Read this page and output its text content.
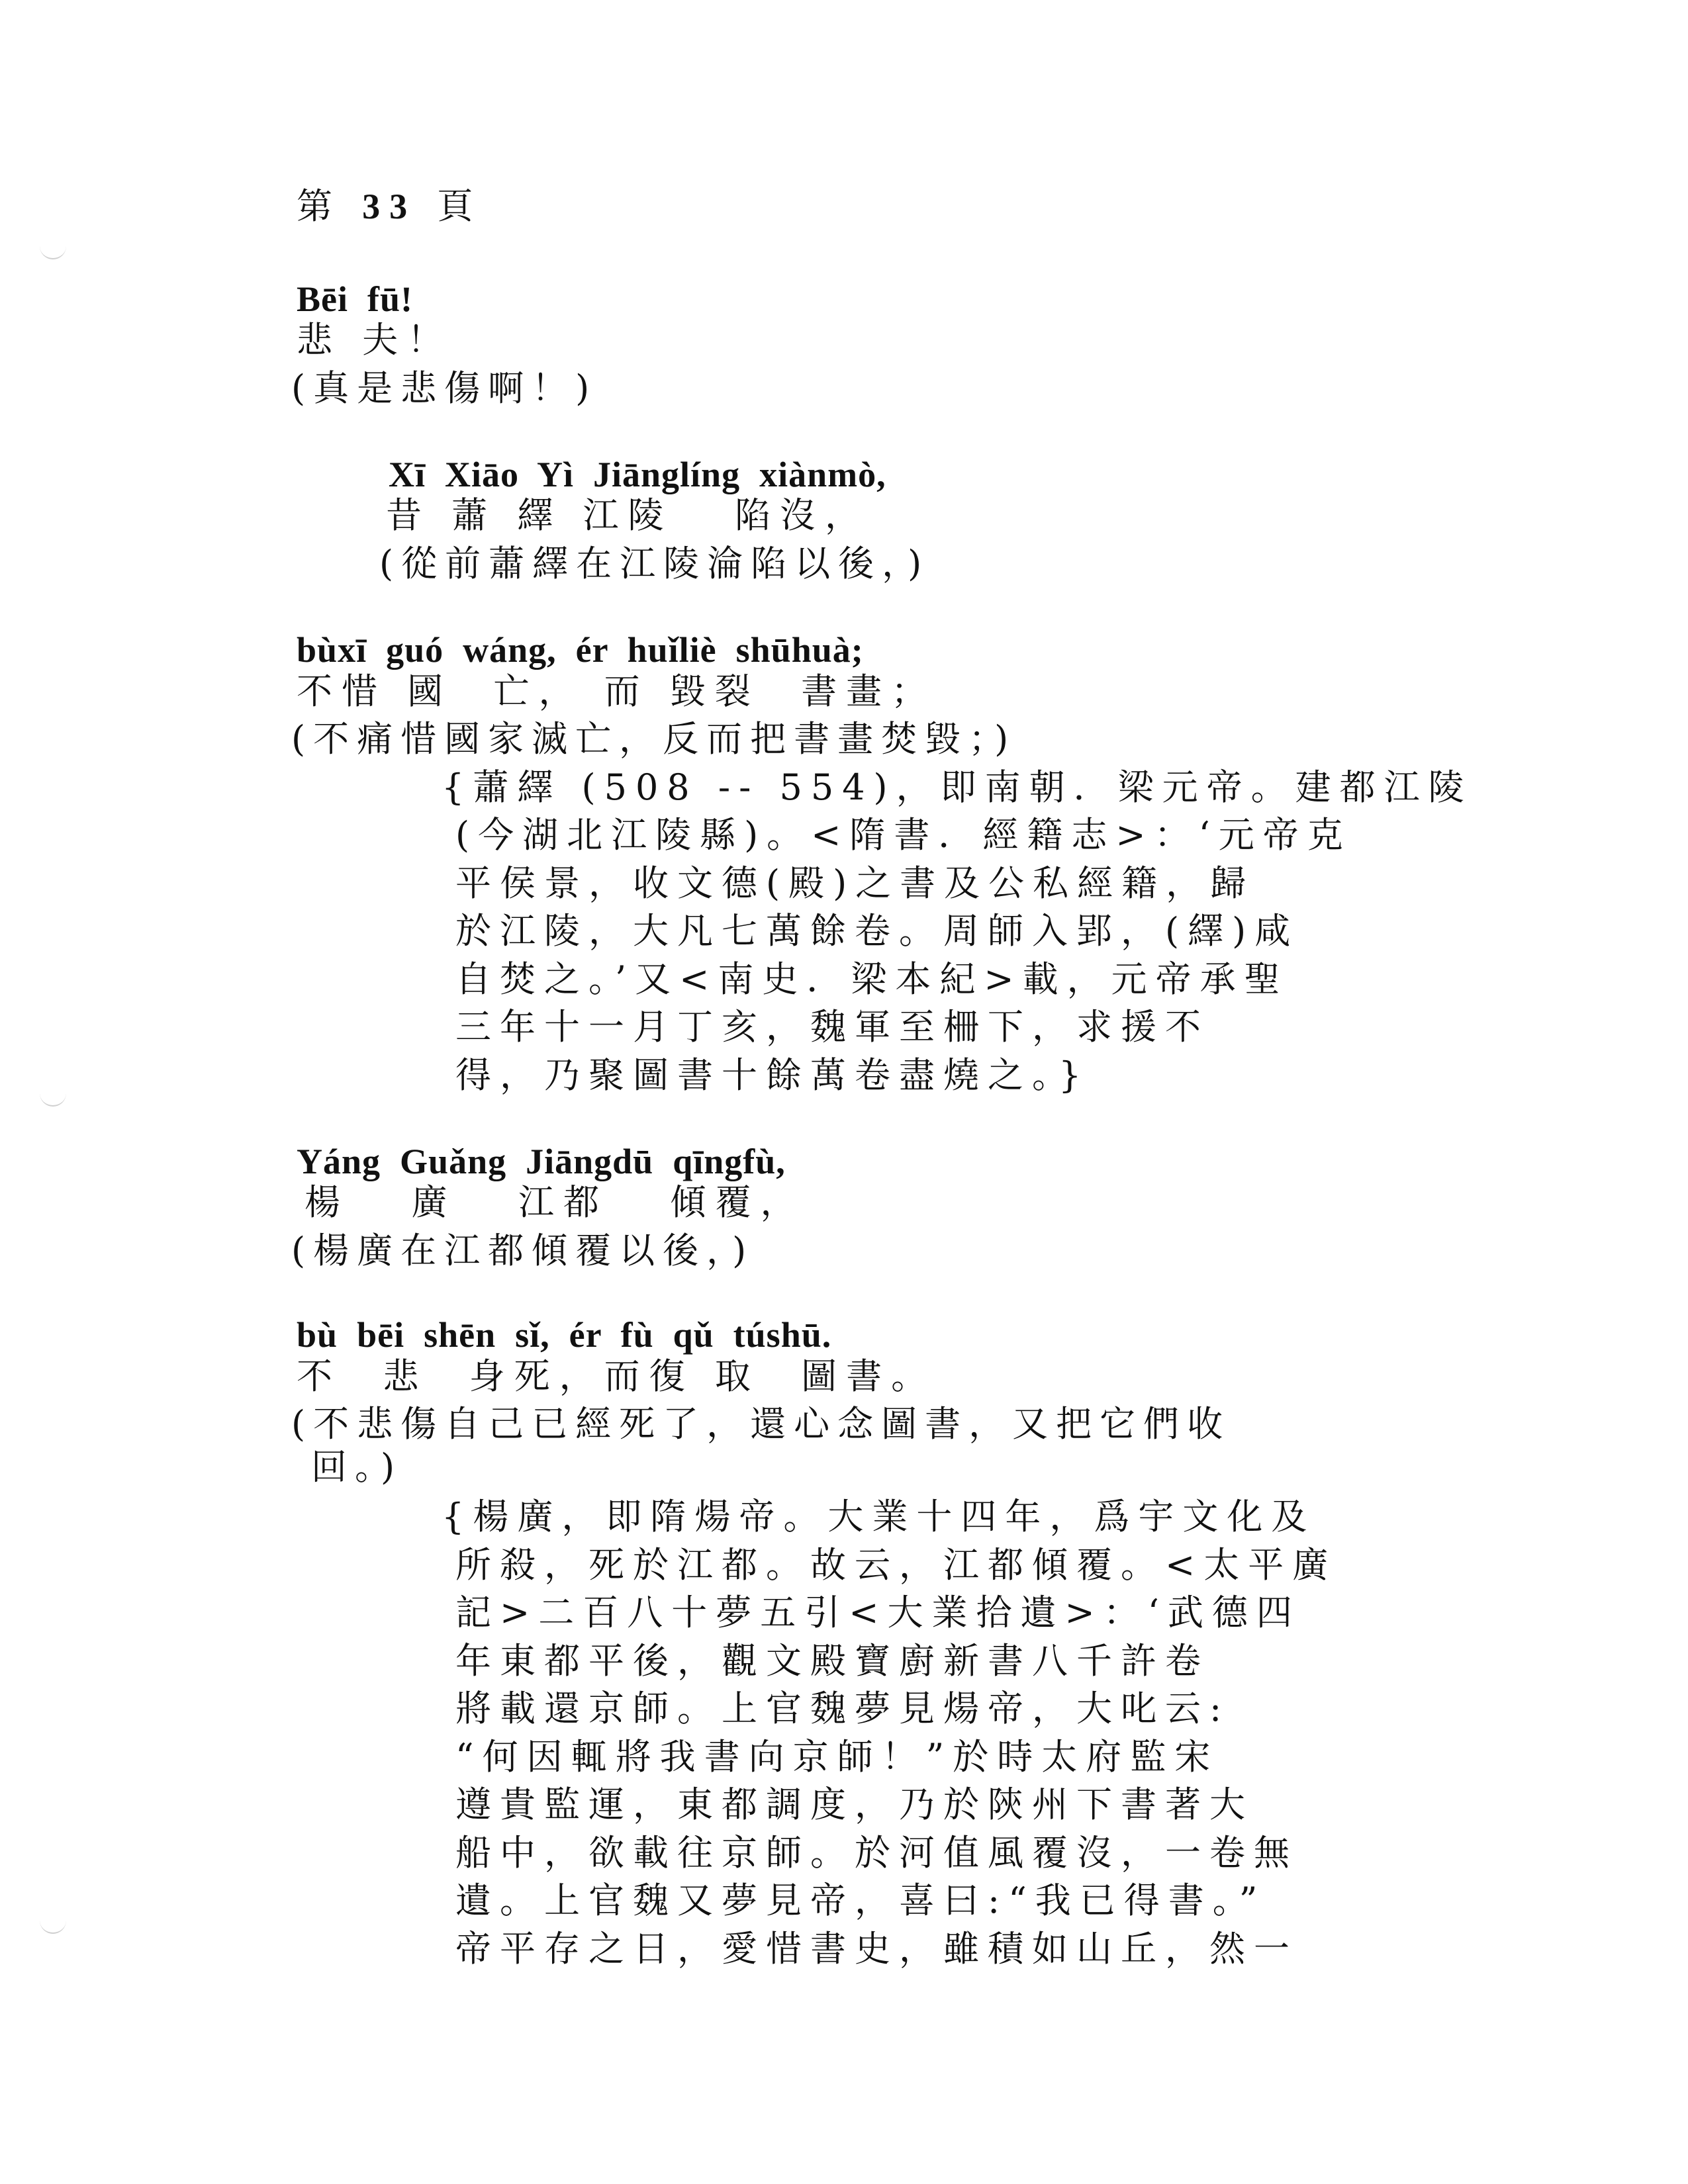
第 33 頁
Bēi  fū!
悲 夫！
(真是悲傷啊！)
Xī  Xiāo  Yì  Jiānglíng  xiànmò,
昔 蕭 繹 江陵   陷沒，
(從前蕭繹在江陵淪陷以後，)
bùxī  guó  wáng,  ér  huǐliè  shūhuà;
不惜 國  亡， 而 毀裂  書畫；
(不痛惜國家滅亡，反而把書畫焚毀；)
{蕭繹 (508 -- 554)，即南朝．梁元帝。建都江陵
(今湖北江陵縣)。<隋書．經籍志>：‘元帝克
平侯景，收文德(殿)之書及公私經籍，歸
於江陵，大凡七萬餘卷。周師入郢，(繹)咸
自焚之。’又<南史．梁本紀>載，元帝承聖
三年十一月丁亥，魏軍至柵下，求援不
得，乃聚圖書十餘萬卷盡燒之。}
Yáng  Guǎng  Jiāngdū  qīngfù,
楊   廣   江都   傾覆，
(楊廣在江都傾覆以後，)
bù  bēi  shēn  sǐ,  ér  fù  qǔ  túshū.
不  悲  身死，而復 取  圖書。
(不悲傷自己已經死了，還心念圖書，又把它們收
回。)
{楊廣，即隋煬帝。大業十四年，爲宇文化及
所殺，死於江都。故云，江都傾覆。<太平廣
記>二百八十夢五引<大業拾遺>：‘武德四
年東都平後，觀文殿寶廚新書八千許卷
將載還京師。上官魏夢見煬帝，大叱云:
“何因輒將我書向京師！”於時太府監宋
遵貴監運，東都調度，乃於陝州下書著大
船中，欲載往京師。於河值風覆沒，一卷無
遺。上官魏又夢見帝，喜曰:“我已得書。”
帝平存之日，愛惜書史，雖積如山丘，然一
